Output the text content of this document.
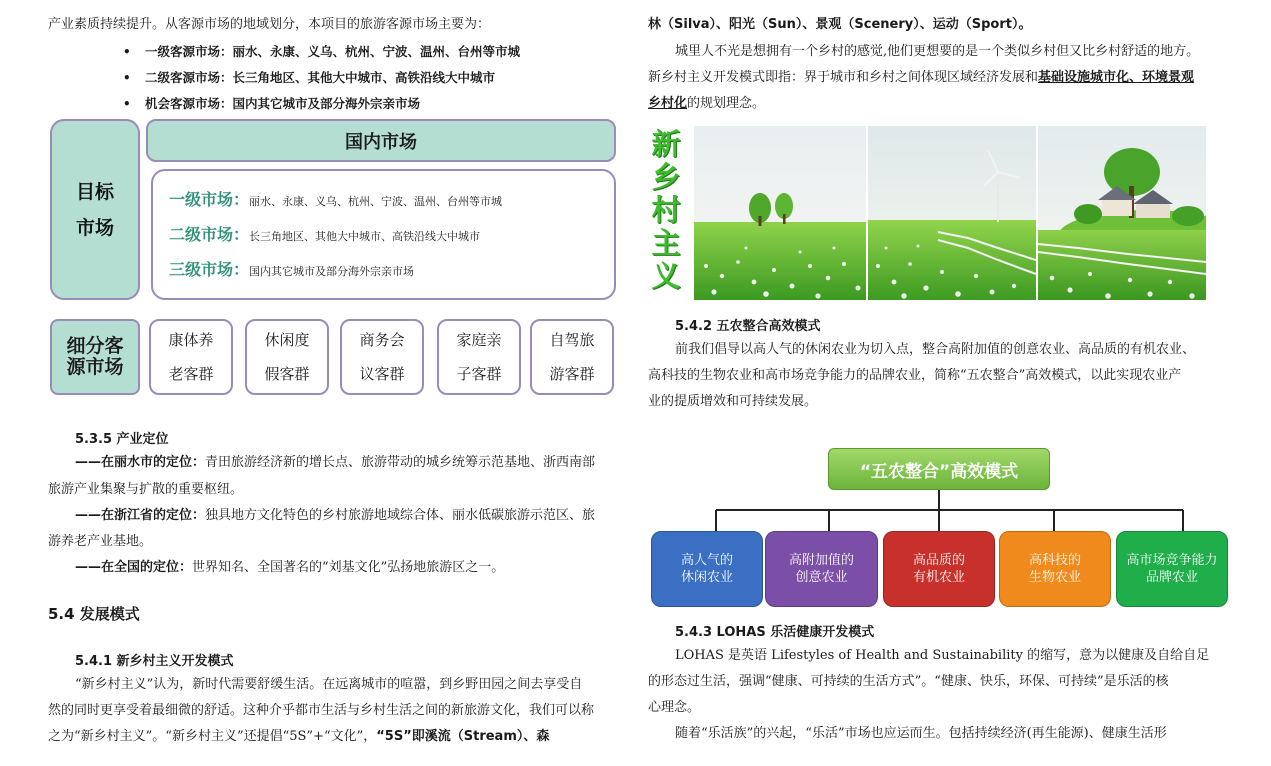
产业素质持续提升。从客源市场的地域划分，本项目的旅游客源市场主要为：
• 一级客源市场：丽水、永康、义乌、杭州、宁波、温州、台州等市城
• 二级客源市场：长三角地区、其他大中城市、高铁沿线大中城市
• 机会客源市场：国内其它城市及部分海外宗亲市场
目标
市场
国内市场
一级市场：丽水、永康、义乌、杭州、宁波、温州、台州等市城
二级市场：长三角地区、其他大中城市、高铁沿线大中城市
三级市场：国内其它城市及部分海外宗亲市场
细分客
源市场
康体养
老客群
休闲度
假客群
商务会
议客群
家庭亲
子客群
自驾旅
游客群
5.3.5 产业定位
——在丽水市的定位：青田旅游经济新的增长点、旅游带动的城乡统筹示范基地、浙西南部
旅游产业集聚与扩散的重要枢纽。
——在浙江省的定位：独具地方文化特色的乡村旅游地域综合体、丽水低碳旅游示范区、旅
游养老产业基地。
——在全国的定位：世界知名、全国著名的“刘基文化”弘扬地旅游区之一。
5.4 发展模式
5.4.1 新乡村主义开发模式
“新乡村主义”认为，新时代需要舒缓生活。在远离城市的喧嚣，到乡野田园之间去享受自
然的同时更享受着最细微的舒适。这种介乎都市生活与乡村生活之间的新旅游文化，我们可以称
之为“新乡村主义”。“新乡村主义”还提倡“5S”+“文化”，“5S”即溪流（Stream）、森
林（Silva）、阳光（Sun）、景观（Scenery）、运动（Sport）。
城里人不光是想拥有一个乡村的感觉,他们更想要的是一个类似乡村但又比乡村舒适的地方。
新乡村主义开发模式即指：界于城市和乡村之间体现区域经济发展和基础设施城市化、环境景观
乡村化的规划理念。
新
乡
村
主
义
5.4.2 五农整合高效模式
前我们倡导以高人气的休闲农业为切入点，整合高附加值的创意农业、高品质的有机农业、
高科技的生物农业和高市场竞争能力的品牌农业，简称“五农整合”高效模式，以此实现农业产
业的提质增效和可持续发展。
“五农整合”高效模式
高人气的
休闲农业
高附加值的
创意农业
高品质的
有机农业
高科技的
生物农业
高市场竞争能力
品牌农业
5.4.3 LOHAS 乐活健康开发模式
LOHAS 是英语 Lifestyles of Health and Sustainability 的缩写，意为以健康及自给自足
的形态过生活，强调“健康、可持续的生活方式”。“健康、快乐，环保、可持续”是乐活的核
心理念。
随着“乐活族”的兴起，“乐活”市场也应运而生。包括持续经济(再生能源)、健康生活形
